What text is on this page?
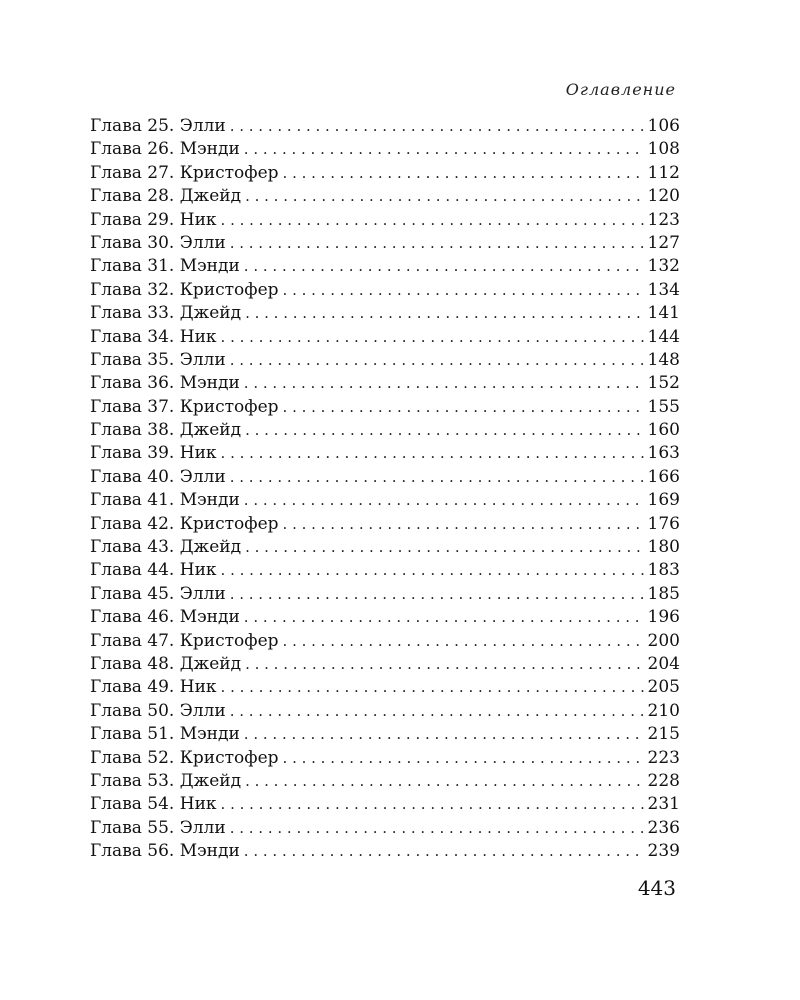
Оглавление
Глава 25. Элли . . .	106
Глава 26. Мэнди . . .	108
Глава 27. Кристофер . . .	112
Глава 28. Джейд . . .	120
Глава 29. Ник . . .	123
Глава 30. Элли . . .	127
Глава 31. Мэнди . . .	132
Глава 32. Кристофер . . .	134
Глава 33. Джейд . . .	141
Глава 34. Ник . . .	144
Глава 35. Элли . . .	148
Глава 36. Мэнди . . .	152
Глава 37. Кристофер . . .	155
Глава 38. Джейд . . .	160
Глава 39. Ник . . .	163
Глава 40. Элли . . .	166
Глава 41. Мэнди . . .	169
Глава 42. Кристофер . . .	176
Глава 43. Джейд . . .	180
Глава 44. Ник . . .	183
Глава 45. Элли . . .	185
Глава 46. Мэнди . . .	196
Глава 47. Кристофер . . .	200
Глава 48. Джейд . . .	204
Глава 49. Ник . . .	205
Глава 50. Элли . . .	210
Глава 51. Мэнди . . .	215
Глава 52. Кристофер . . .	223
Глава 53. Джейд . . .	228
Глава 54. Ник . . .	231
Глава 55. Элли . . .	236
Глава 56. Мэнди . . .	239
443
